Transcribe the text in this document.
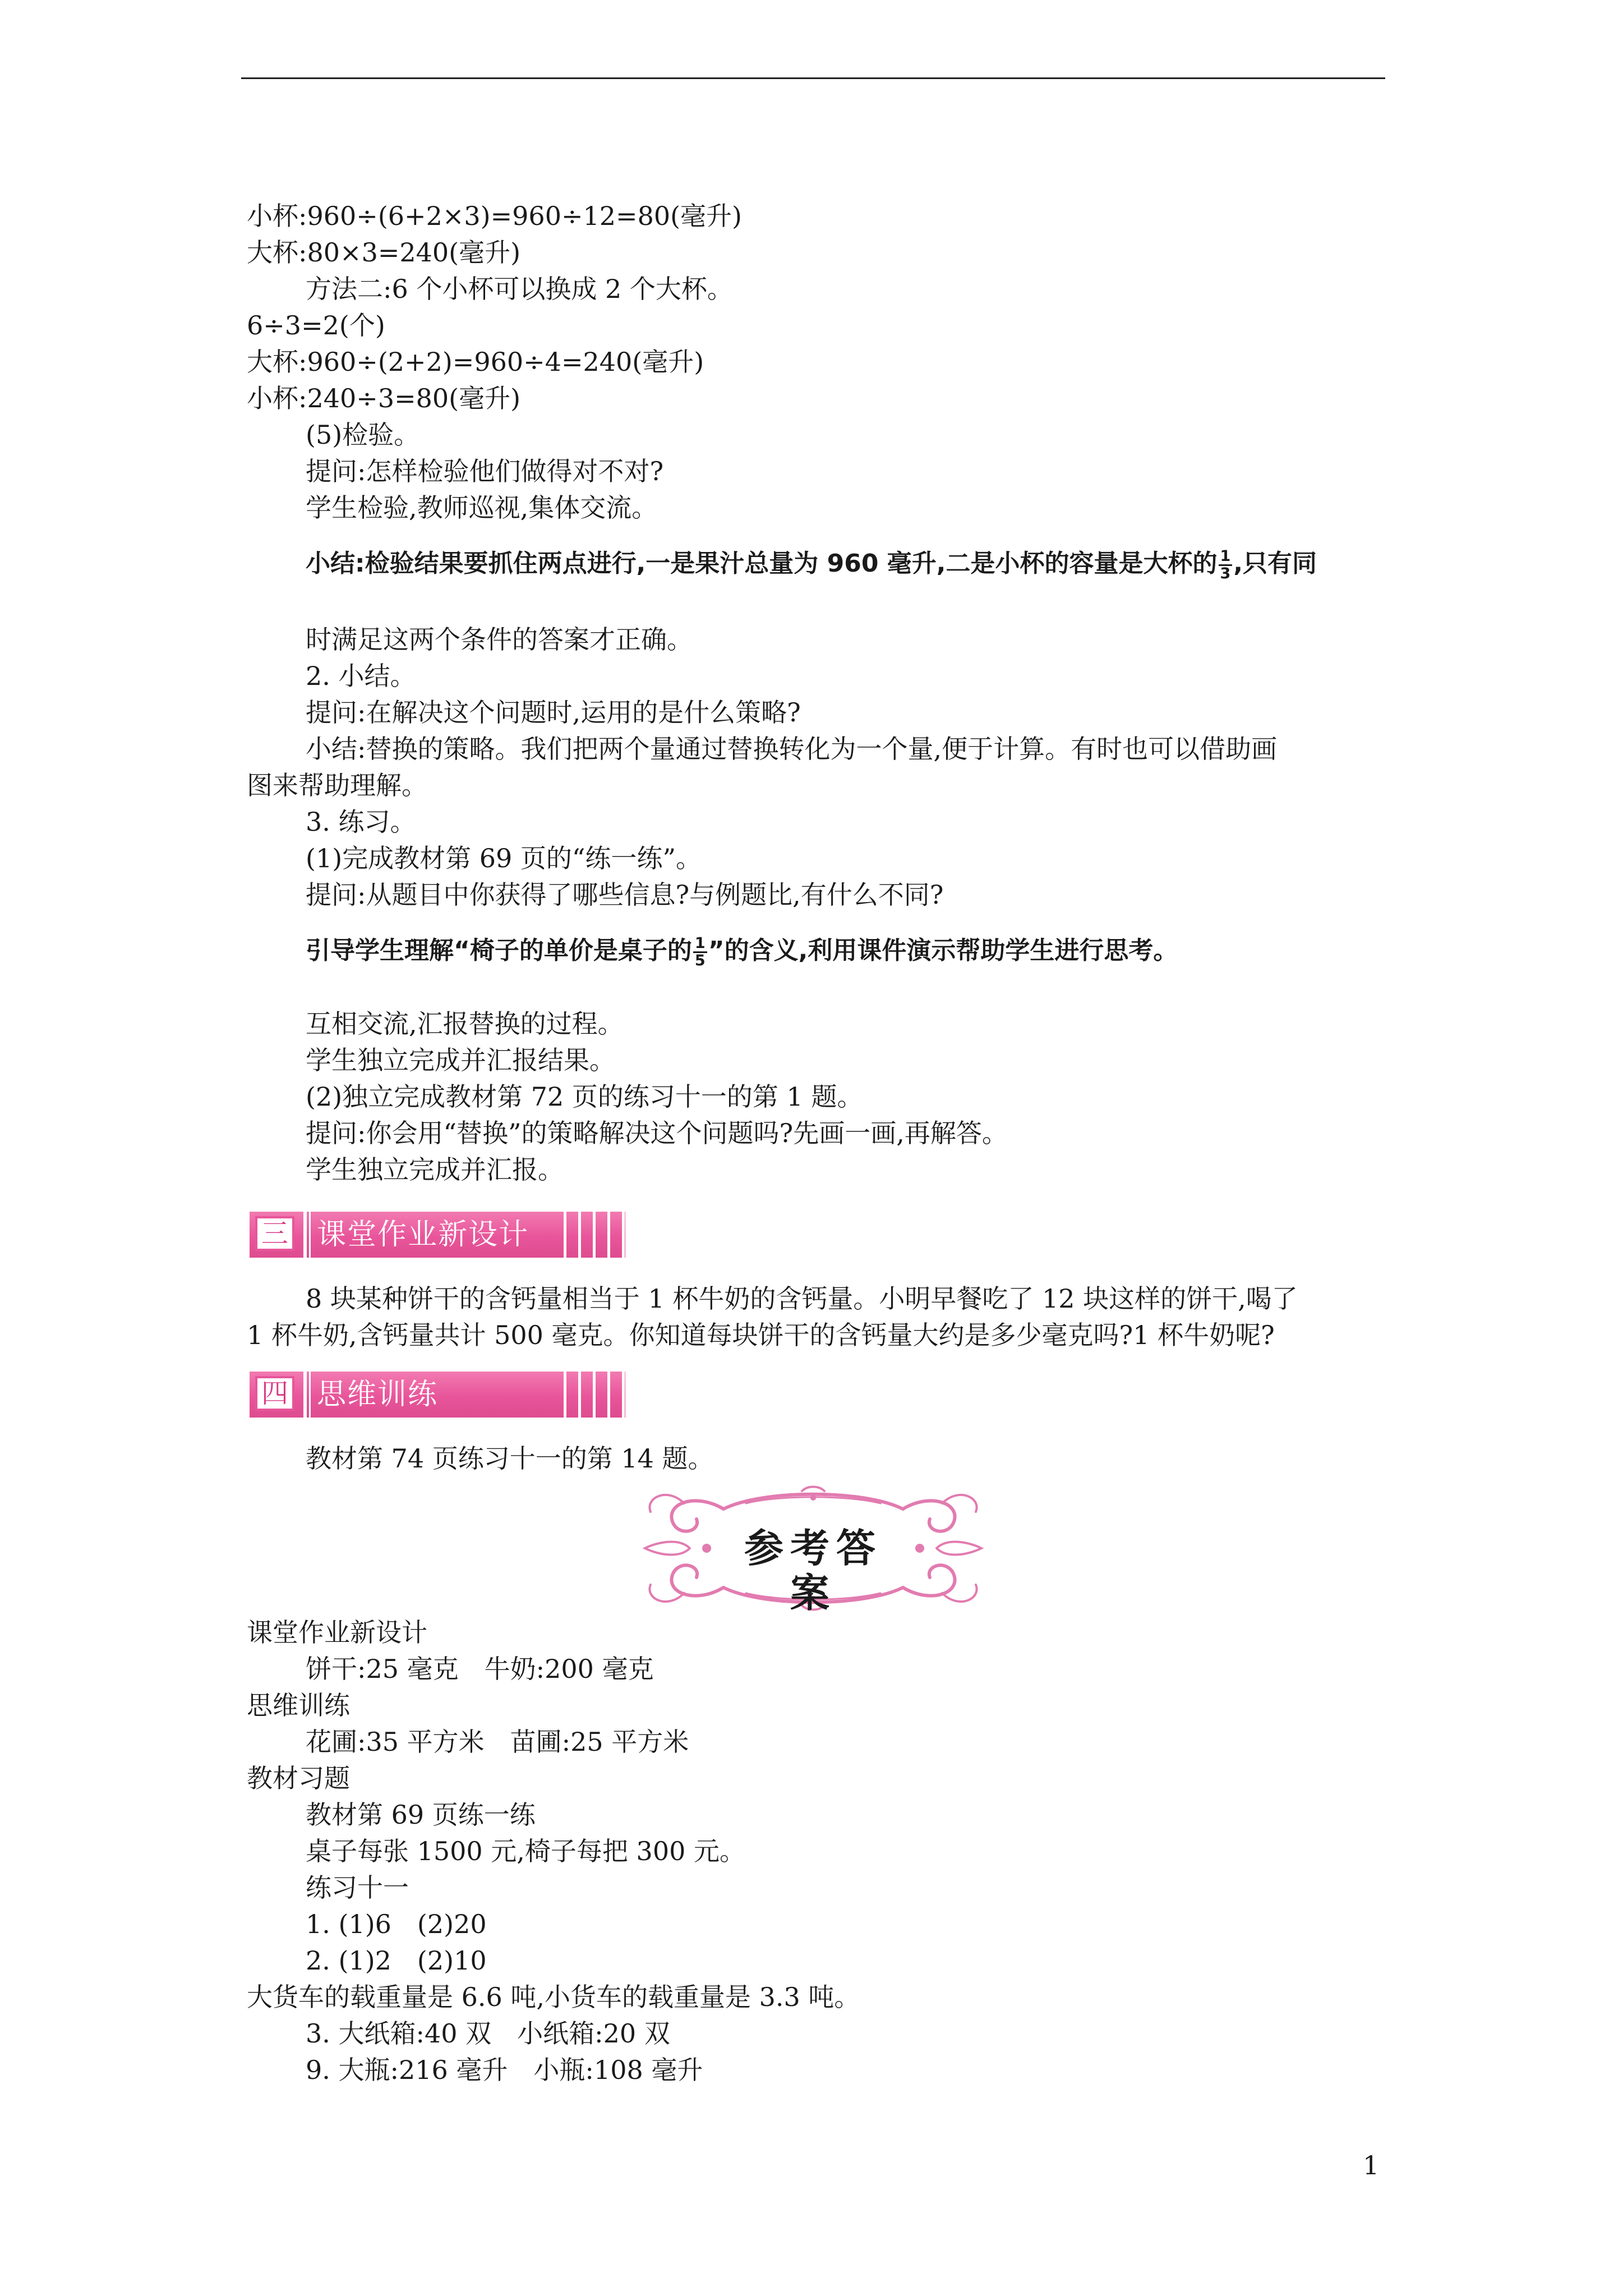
小杯:960÷(6+2×3)=960÷12=80(毫升)
大杯:80×3=240(毫升)
方法二:6 个小杯可以换成 2 个大杯。
6÷3=2(个)
大杯:960÷(2+2)=960÷4=240(毫升)
小杯:240÷3=80(毫升)
(5)检验。
提问:怎样检验他们做得对不对?
学生检验,教师巡视,集体交流。
小结:检验结果要抓住两点进行,一是果汁总量为 960 毫升,二是小杯的容量是大杯的 $\frac{1}{3}$ ,只有同
时满足这两个条件的答案才正确。
2. 小结。
提问:在解决这个问题时,运用的是什么策略?
小结:替换的策略。我们把两个量通过替换转化为一个量,便于计算。有时也可以借助画
图来帮助理解。
3. 练习。
(1)完成教材第 69 页的“练一练”。
提问:从题目中你获得了哪些信息?与例题比,有什么不同?
引导学生理解“椅子的单价是桌子的 $\frac{1}{5}$ ”的含义,利用课件演示帮助学生进行思考。
互相交流,汇报替换的过程。
学生独立完成并汇报结果。
(2)独立完成教材第 72 页的练习十一的第 1 题。
提问:你会用“替换”的策略解决这个问题吗?先画一画,再解答。
学生独立完成并汇报。
三 课堂作业新设计
8 块某种饼干的含钙量相当于 1 杯牛奶的含钙量。小明早餐吃了 12 块这样的饼干,喝了
1 杯牛奶,含钙量共计 500 毫克。你知道每块饼干的含钙量大约是多少毫克吗?1 杯牛奶呢?
四 思维训练
教材第 74 页练习十一的第 14 题。
参考答案
课堂作业新设计
饼干:25 毫克　牛奶:200 毫克
思维训练
花圃:35 平方米　苗圃:25 平方米
教材习题
教材第 69 页练一练
桌子每张 1500 元,椅子每把 300 元。
练习十一
1. (1)6　(2)20
2. (1)2　(2)10
大货车的载重量是 6.6 吨,小货车的载重量是 3.3 吨。
3. 大纸箱:40 双　小纸箱:20 双
9. 大瓶:216 毫升　小瓶:108 毫升
1
